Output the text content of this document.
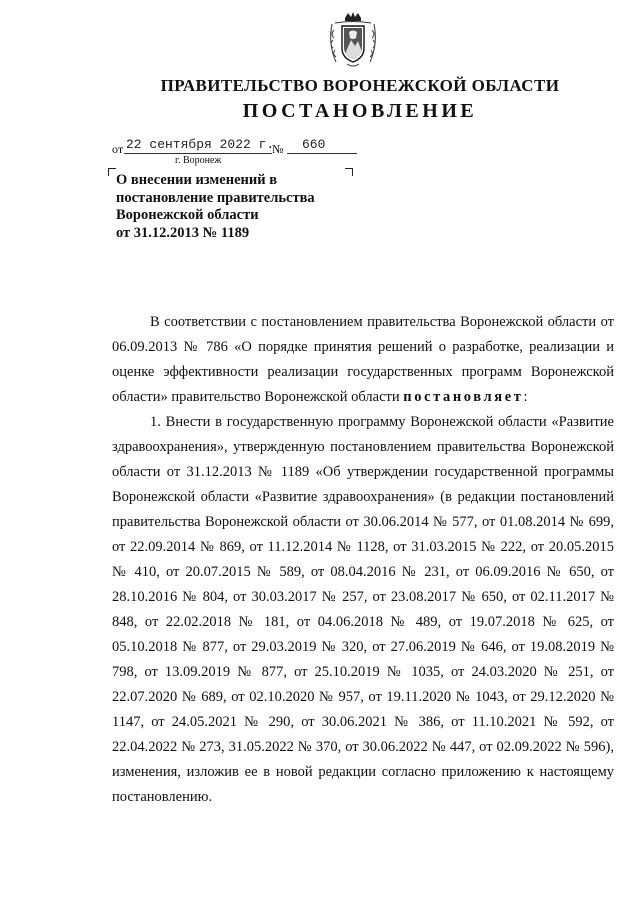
ПРАВИТЕЛЬСТВО ВОРОНЕЖСКОЙ ОБЛАСТИ
ПОСТАНОВЛЕНИЕ
от 22 сентября 2022 г.
№ 660
г. Воронеж
О внесении изменений в
постановление правительства
Воронежской области
от 31.12.2013 № 1189

В соответствии с постановлением правительства Воронежской области от 06.09.2013 № 786 «О порядке принятия решений о разработке, реализации и оценке эффективности реализации государственных программ Воронежской области» правительство Воронежской области постановляет:

1. Внести в государственную программу Воронежской области «Развитие здравоохранения», утвержденную постановлением правительства Воронежской области от 31.12.2013 № 1189 «Об утверждении государственной программы Воронежской области «Развитие здравоохранения» (в редакции постановлений правительства Воронежской области от 30.06.2014 № 577, от 01.08.2014 № 699, от 22.09.2014 № 869, от 11.12.2014 № 1128, от 31.03.2015 № 222, от 20.05.2015 № 410, от 20.07.2015 № 589, от 08.04.2016 № 231, от 06.09.2016 № 650, от 28.10.2016 № 804, от 30.03.2017 № 257, от 23.08.2017 № 650, от 02.11.2017 № 848, от 22.02.2018 № 181, от 04.06.2018 № 489, от 19.07.2018 № 625, от 05.10.2018 № 877, от 29.03.2019 № 320, от 27.06.2019 № 646, от 19.08.2019 № 798, от 13.09.2019 № 877, от 25.10.2019 № 1035, от 24.03.2020 № 251, от 22.07.2020 № 689, от 02.10.2020 № 957, от 19.11.2020 № 1043, от 29.12.2020 № 1147, от 24.05.2021 № 290, от 30.06.2021 № 386, от 11.10.2021 № 592, от 22.04.2022 № 273, 31.05.2022 № 370, от 30.06.2022 № 447, от 02.09.2022 № 596), изменения, изложив ее в новой редакции согласно приложению к настоящему постановлению.
